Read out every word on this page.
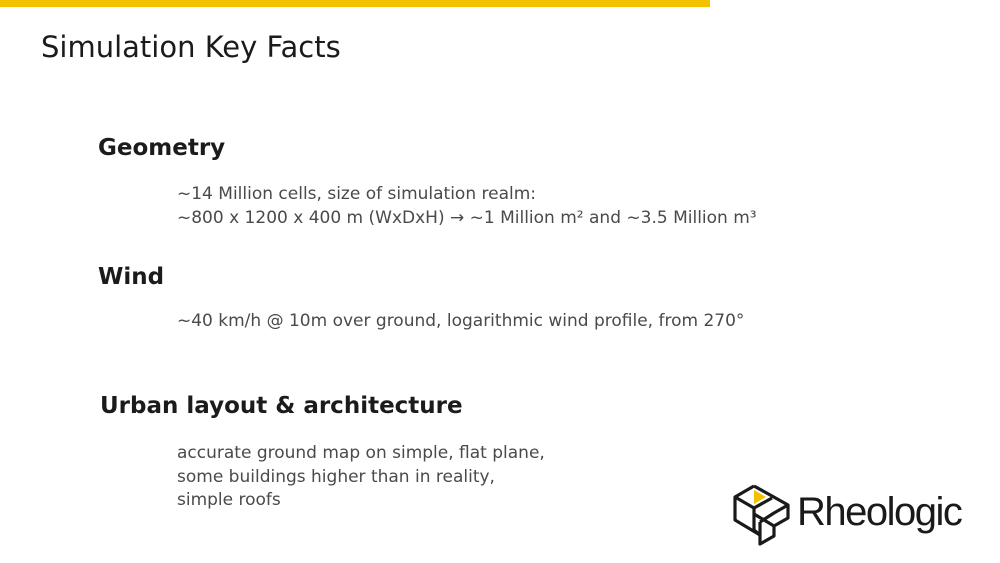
Simulation Key Facts
Geometry
~14 Million cells, size of simulation realm:
~800 x 1200 x 400 m (WxDxH) → ~1 Million m² and ~3.5 Million m³
Wind
~40 km/h @ 10m over ground, logarithmic wind profile, from 270°
Urban layout & architecture
accurate ground map on simple, flat plane,
some buildings higher than in reality,
simple roofs	Rheologic
